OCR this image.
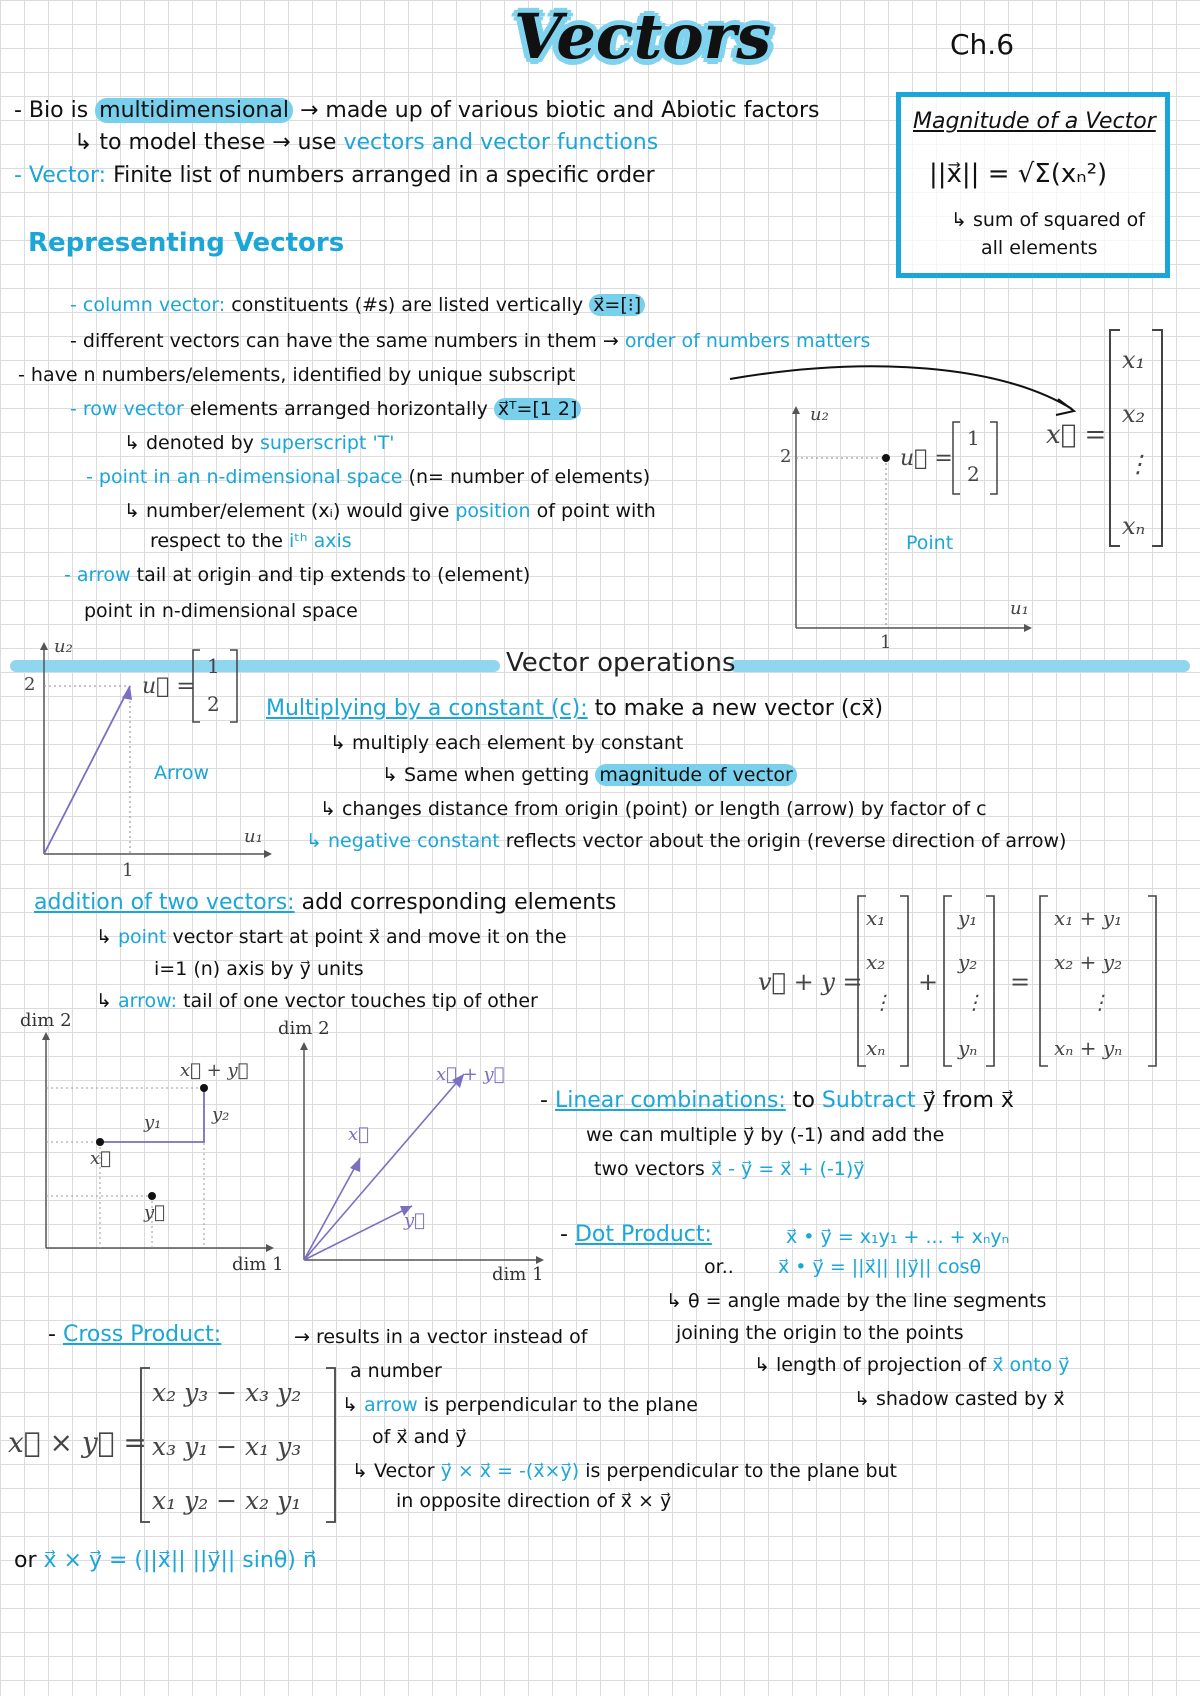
Vectors	Ch.6
- Bio is multidimensional → made up of various biotic and Abiotic factors
↳ to model these → use vectors and vector functions
- Vector: Finite list of numbers arranged in a specific order
Magnitude of a Vector
||x⃗|| = √Σ(xₙ²)
↳ sum of squared of
all elements
Representing Vectors
- column vector: constituents (#s) are listed vertically x⃗=[⁝]
- different vectors can have the same numbers in them → order of numbers matters
- have n numbers/elements, identified by unique subscript
- row vector elements arranged horizontally x⃗ᵀ=[1 2]
↳ denoted by superscript 'T'
- point in an n-dimensional space (n= number of elements)
↳ number/element (xᵢ) would give position of point with
respect to the iᵗʰ axis
- arrow tail at origin and tip extends to (element)
point in n-dimensional space
x⃗ =
x₁
x₂
⋮
xₙ
u₁
u₂
1
2	u⃗ =
1
2
Point
Vector operations
u₂
u₁
1
2	u⃗ =
1
2
Arrow
Multiplying by a constant (c): to make a new vector (cx⃗)
↳ multiply each element by constant
↳ Same when getting magnitude of vector
↳ changes distance from origin (point) or length (arrow) by factor of c
↳ negative constant reflects vector about the origin (reverse direction of arrow)
addition of two vectors: add corresponding elements
↳ point vector start at point x⃗ and move it on the
i=1 (n) axis by y⃗ units
↳ arrow: tail of one vector touches tip of other
v⃗ + y =
x₁
x₂
⋮
xₙ
+
y₁
y₂
⋮
yₙ
=
x₁ + y₁
x₂ + y₂
⋮
xₙ + yₙ
dim 2
dim 1
x⃗ + y⃗
y₁	y₂
x⃗
y⃗
dim 2
dim 1
x⃗ + y⃗
x⃗
y⃗
- Linear combinations: to Subtract y⃗ from x⃗
we can multiple y⃗ by (-1) and add the
two vectors x⃗ - y⃗ = x⃗ + (-1)y⃗
- Dot Product:	x⃗ • y⃗ = x₁y₁ + ... + xₙyₙ
or.. x⃗ • y⃗ = ||x⃗|| ||y⃗|| cosθ
↳ θ = angle made by the line segments
joining the origin to the points
↳ length of projection of x⃗ onto y⃗
↳ shadow casted by x⃗
- Cross Product:	→ results in a vector instead of
a number
↳ arrow is perpendicular to the plane
of x⃗ and y⃗
↳ Vector y⃗ × x⃗ = -(x⃗×y⃗) is perpendicular to the plane but
in opposite direction of x⃗ × y⃗
x⃗ × y⃗ =
x₂ y₃ − x₃ y₂
x₃ y₁ − x₁ y₃
x₁ y₂ − x₂ y₁
or x⃗ × y⃗ = (||x⃗|| ||y⃗|| sinθ) n⃗
